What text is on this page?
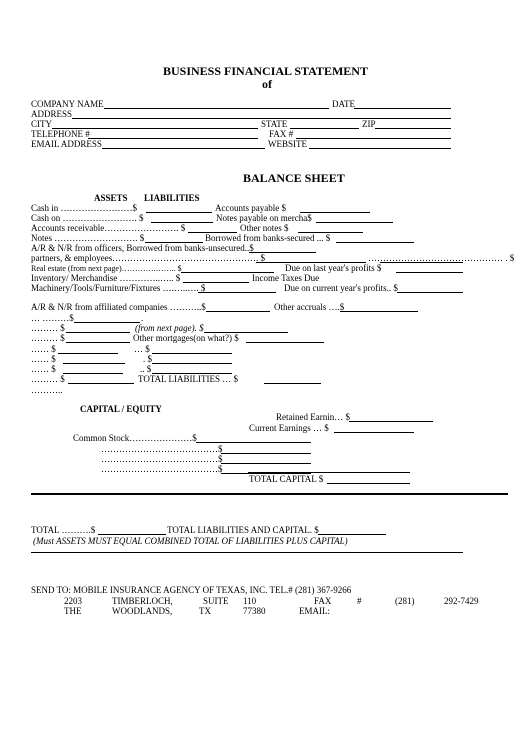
BUSINESS FINANCIAL STATEMENT
of
COMPANY NAME	DATE
ADDRESS
CITY	STATE	ZIP
TELEPHONE #	FAX #
EMAIL ADDRESS	WEBSITE
BALANCE SHEET
ASSETS LIABILITIES
Cash in ……………………$	Accounts payable $
Cash on ……………………. $	Notes payable on mercha$
Accounts receivable……………………. $	Other notes $
Notes ………………………. $	Borrowed from banks-secured ... $
A/R & N/R from officers, Borrowed from banks-unsecured..$
partners, & employees …………………………………………. $	……………………………………… . $
Real estate (from next page)………….…….. $	Due on last year's profits $
Inventory/ Merchandise …………..….. $	Income Taxes Due
Machinery/Tools/Furniture/Fixtures ….…..…. $	Due on current year's profits.. $
A/R & N/R from affiliated companies ………..$	Other accruals ….$
… ………$	.
……… $	(from next page). $
……… $	Other mortgages(on what?) $
…… $	… $
…… $	. $
…… $	.. $
……… $	TOTAL LIABILITIES … $
………..
CAPITAL / EQUITY
Retained Earnin… $
Current Earnings … $
Common Stock…………………$
…………………………………$
…………………………………$
…………………………………$
TOTAL CAPITAL $
TOTAL ……….$	TOTAL LIABILITIES AND CAPITAL. $
(Must ASSETS MUST EQUAL COMBINED TOTAL OF LIABILITIES PLUS CAPITAL)
SEND TO: MOBILE INSURANCE AGENCY OF TEXAS, INC. TEL.# (281) 367-9266
2203	TIMBERLOCH,	SUITE 110	FAX	#	(281)	292-7429
THE	WOODLANDS,	TX	77380	EMAIL:
